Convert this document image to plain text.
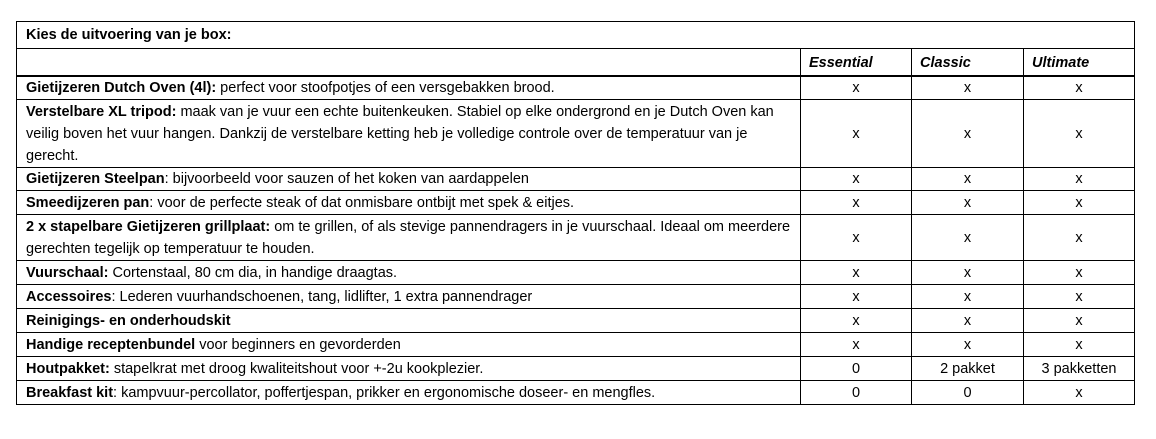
Kies de uitvoering van je box:			
	Essential	Classic	Ultimate
Gietijzeren Dutch Oven (4l): perfect voor stoofpotjes of een versgebakken brood.	x	x	x
Verstelbare XL tripod: maak van je vuur een echte buitenkeuken. Stabiel op elke ondergrond en je Dutch Oven kan veilig boven het vuur hangen. Dankzij de verstelbare ketting heb je volledige controle over de temperatuur van je gerecht.	x	x	x
Gietijzeren Steelpan: bijvoorbeeld voor sauzen of het koken van aardappelen	x	x	x
Smeedijzeren pan: voor de perfecte steak of dat onmisbare ontbijt met spek & eitjes.	x	x	x
2 x stapelbare Gietijzeren grillplaat: om te grillen, of als stevige pannendragers in je vuurschaal. Ideaal om meerdere gerechten tegelijk op temperatuur te houden.	x	x	x
Vuurschaal: Cortenstaal, 80 cm dia, in handige draagtas.	x	x	x
Accessoires: Lederen vuurhandschoenen, tang, lidlifter, 1 extra pannendrager	x	x	x
Reinigings- en onderhoudskit	x	x	x
Handige receptenbundel voor beginners en gevorderden	x	x	x
Houtpakket: stapelkrat met droog kwaliteitshout voor +-2u kookplezier.	0	2 pakket	3 pakketten
Breakfast kit: kampvuur-percollator, poffertjespan, prikker en ergonomische doseer- en mengfles.	0	0	x
